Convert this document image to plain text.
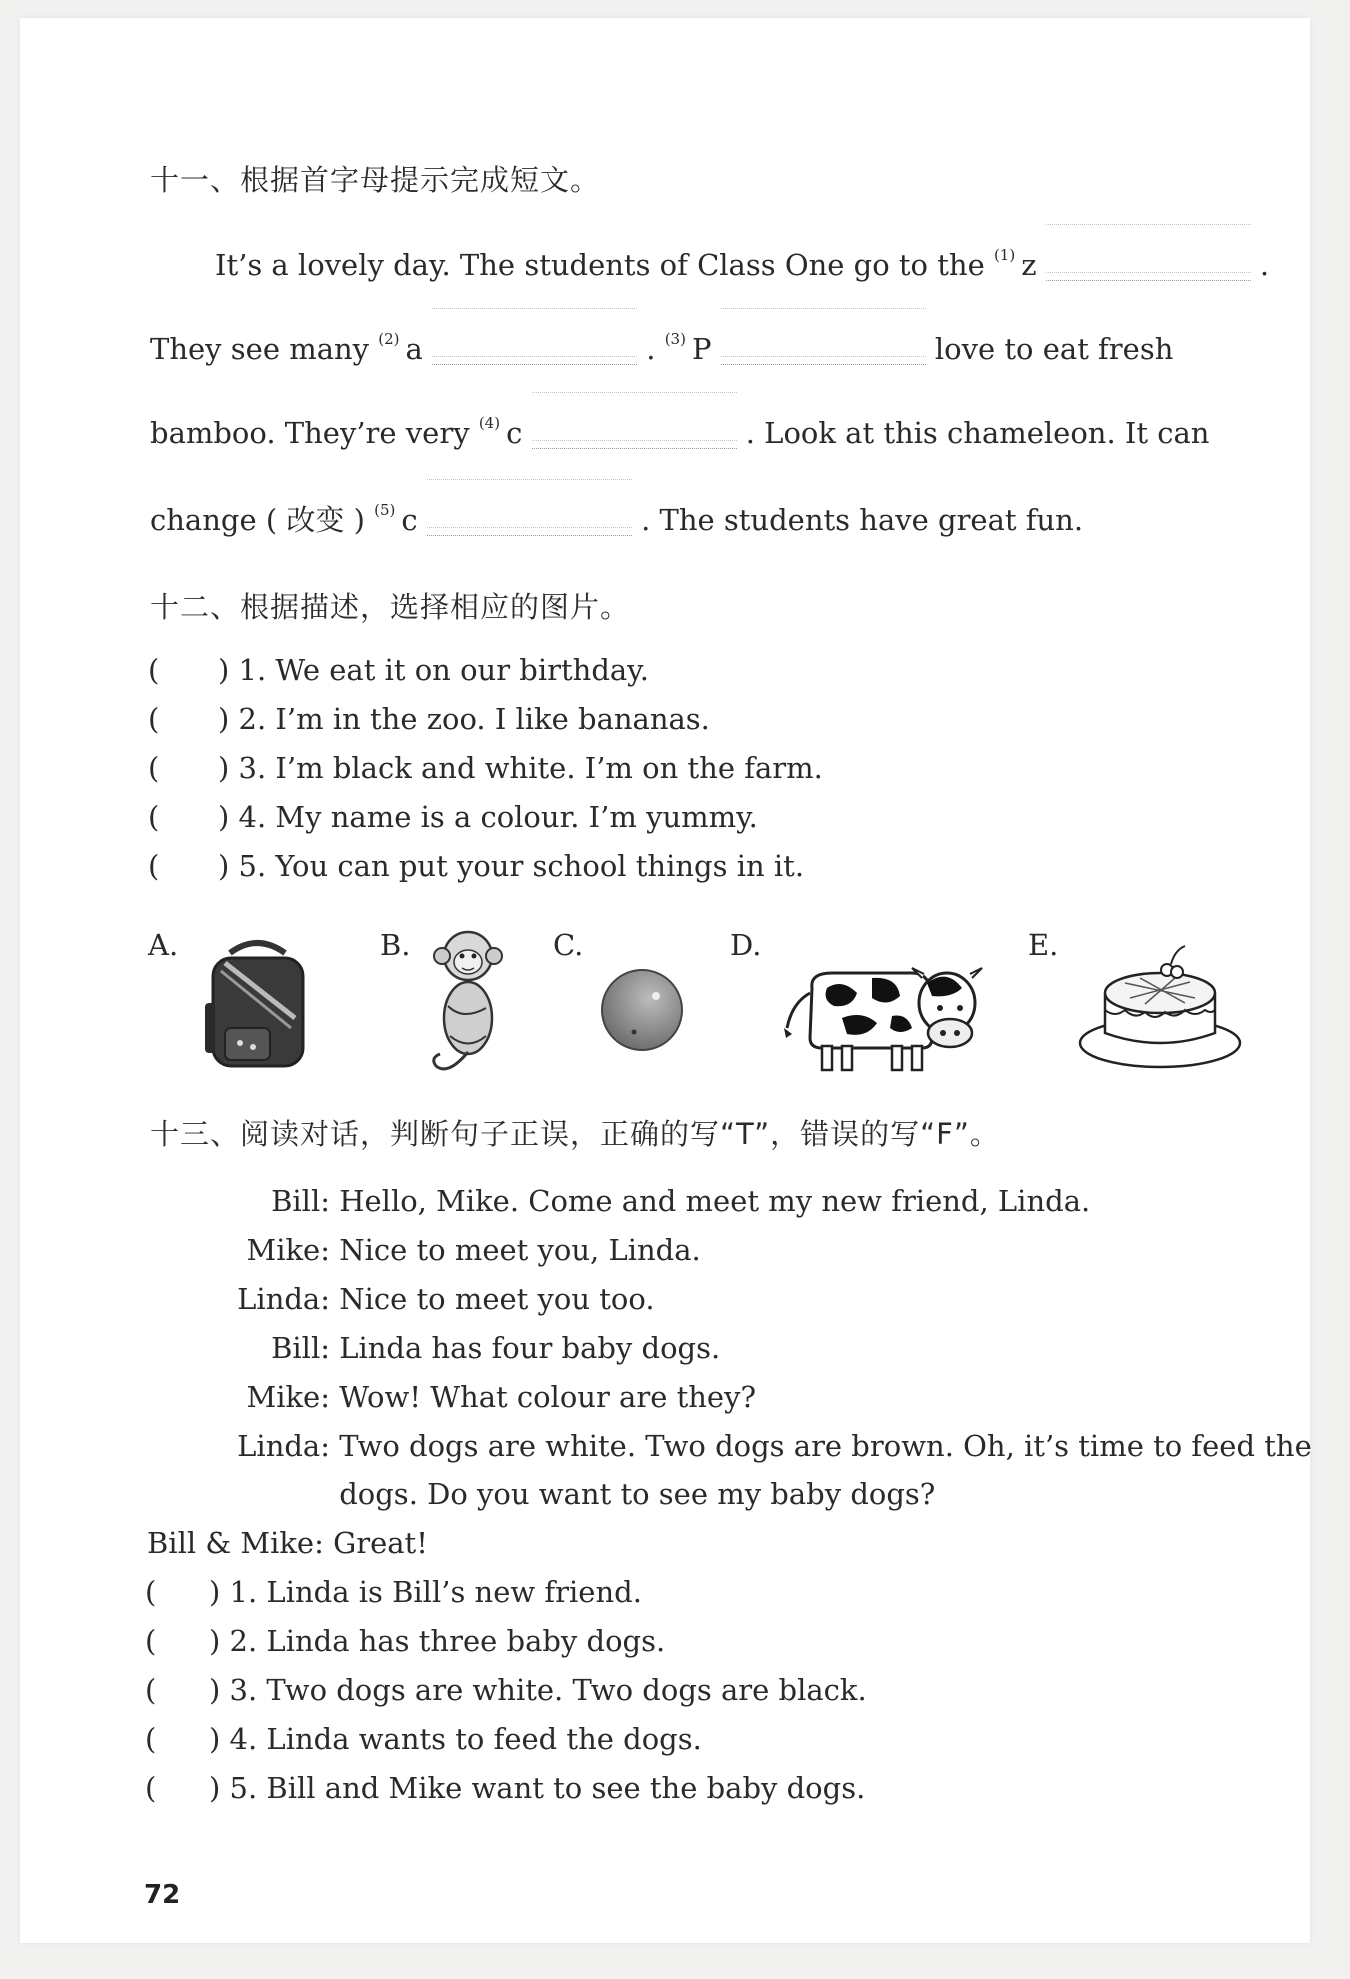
十一、根据首字母提示完成短文。
It’s a lovely day. The students of Class One go to the $^{(1)}$ z	.
They see many $^{(2)}$ a	. $^{(3)}$ P	love to eat fresh
bamboo. They’re very $^{(4)}$ c	. Look at this chameleon. It can
change ( 改变 ) $^{(5)}$ c	. The students have great fun.
十二、根据描述，选择相应的图片。
( ) 1. We eat it on our birthday.
( ) 2. I’m in the zoo. I like bananas.
( ) 3. I’m black and white. I’m on the farm.
( ) 4. My name is a colour. I’m yummy.
( ) 5. You can put your school things in it.
A.	B.	C.	D.	E.
十三、阅读对话，判断句子正误，正确的写“T”，错误的写“F”。
Bill: Hello, Mike. Come and meet my new friend, Linda.
Mike: Nice to meet you, Linda.
Linda: Nice to meet you too.
Bill: Linda has four baby dogs.
Mike: Wow! What colour are they?
Linda: Two dogs are white. Two dogs are brown. Oh, it’s time to feed the
dogs. Do you want to see my baby dogs?
Bill & Mike: Great!
( ) 1. Linda is Bill’s new friend.
( ) 2. Linda has three baby dogs.
( ) 3. Two dogs are white. Two dogs are black.
( ) 4. Linda wants to feed the dogs.
( ) 5. Bill and Mike want to see the baby dogs.
72
